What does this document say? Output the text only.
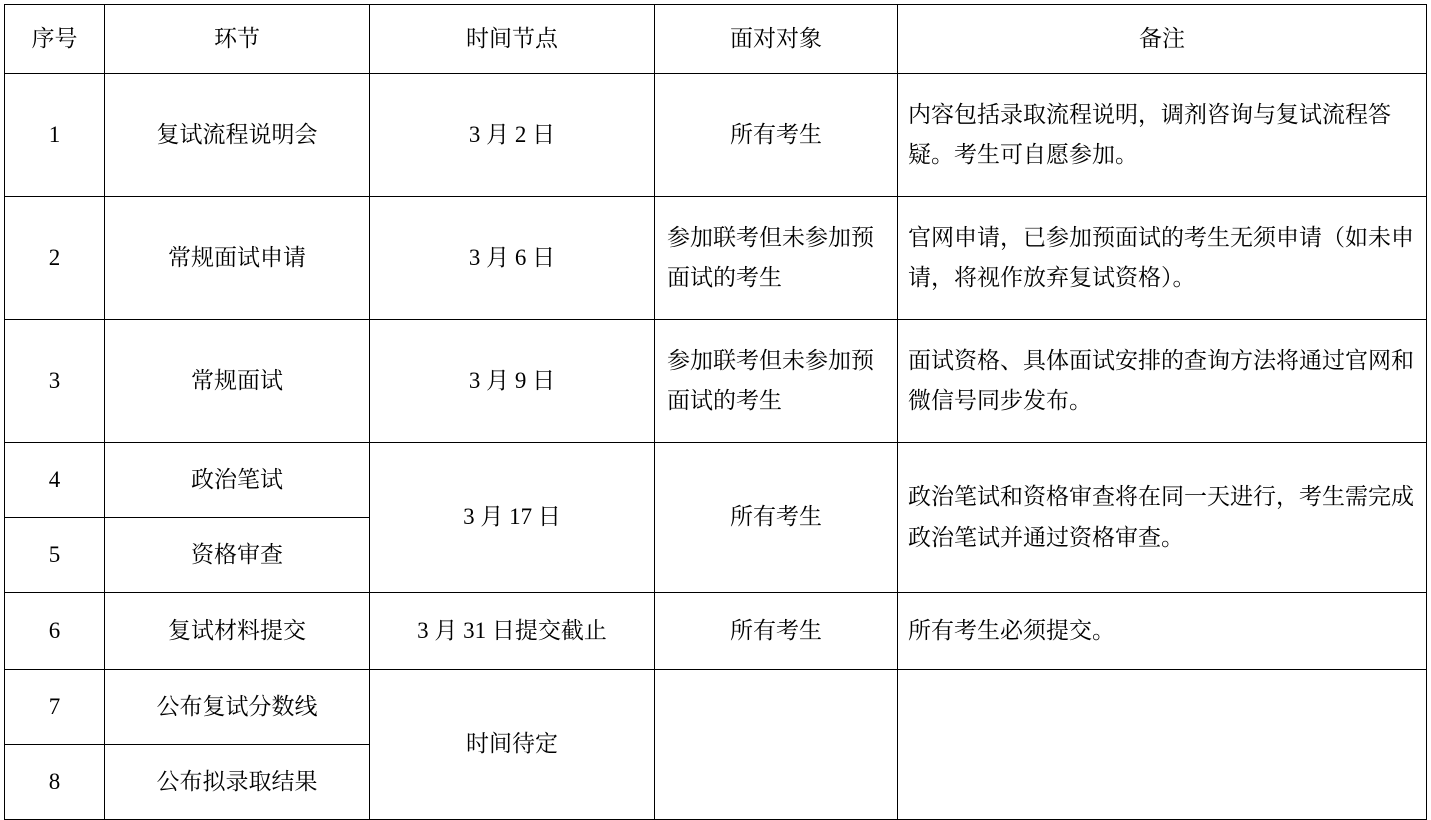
序号	环节	时间节点	面对对象	备注
1	复试流程说明会	3 月 2 日	所有考生	内容包括录取流程说明，调剂咨询与复试流程答疑。考生可自愿参加。
2	常规面试申请	3 月 6 日	参加联考但未参加预面试的考生	官网申请，已参加预面试的考生无须申请（如未申请，将视作放弃复试资格）。
3	常规面试	3 月 9 日	参加联考但未参加预面试的考生	面试资格、具体面试安排的查询方法将通过官网和微信号同步发布。
4	政治笔试	3 月 17 日	所有考生	政治笔试和资格审查将在同一天进行，考生需完成政治笔试并通过资格审查。
5	资格审查			
6	复试材料提交	3 月 31 日提交截止	所有考生	所有考生必须提交。
7	公布复试分数线	时间待定		
8	公布拟录取结果			
